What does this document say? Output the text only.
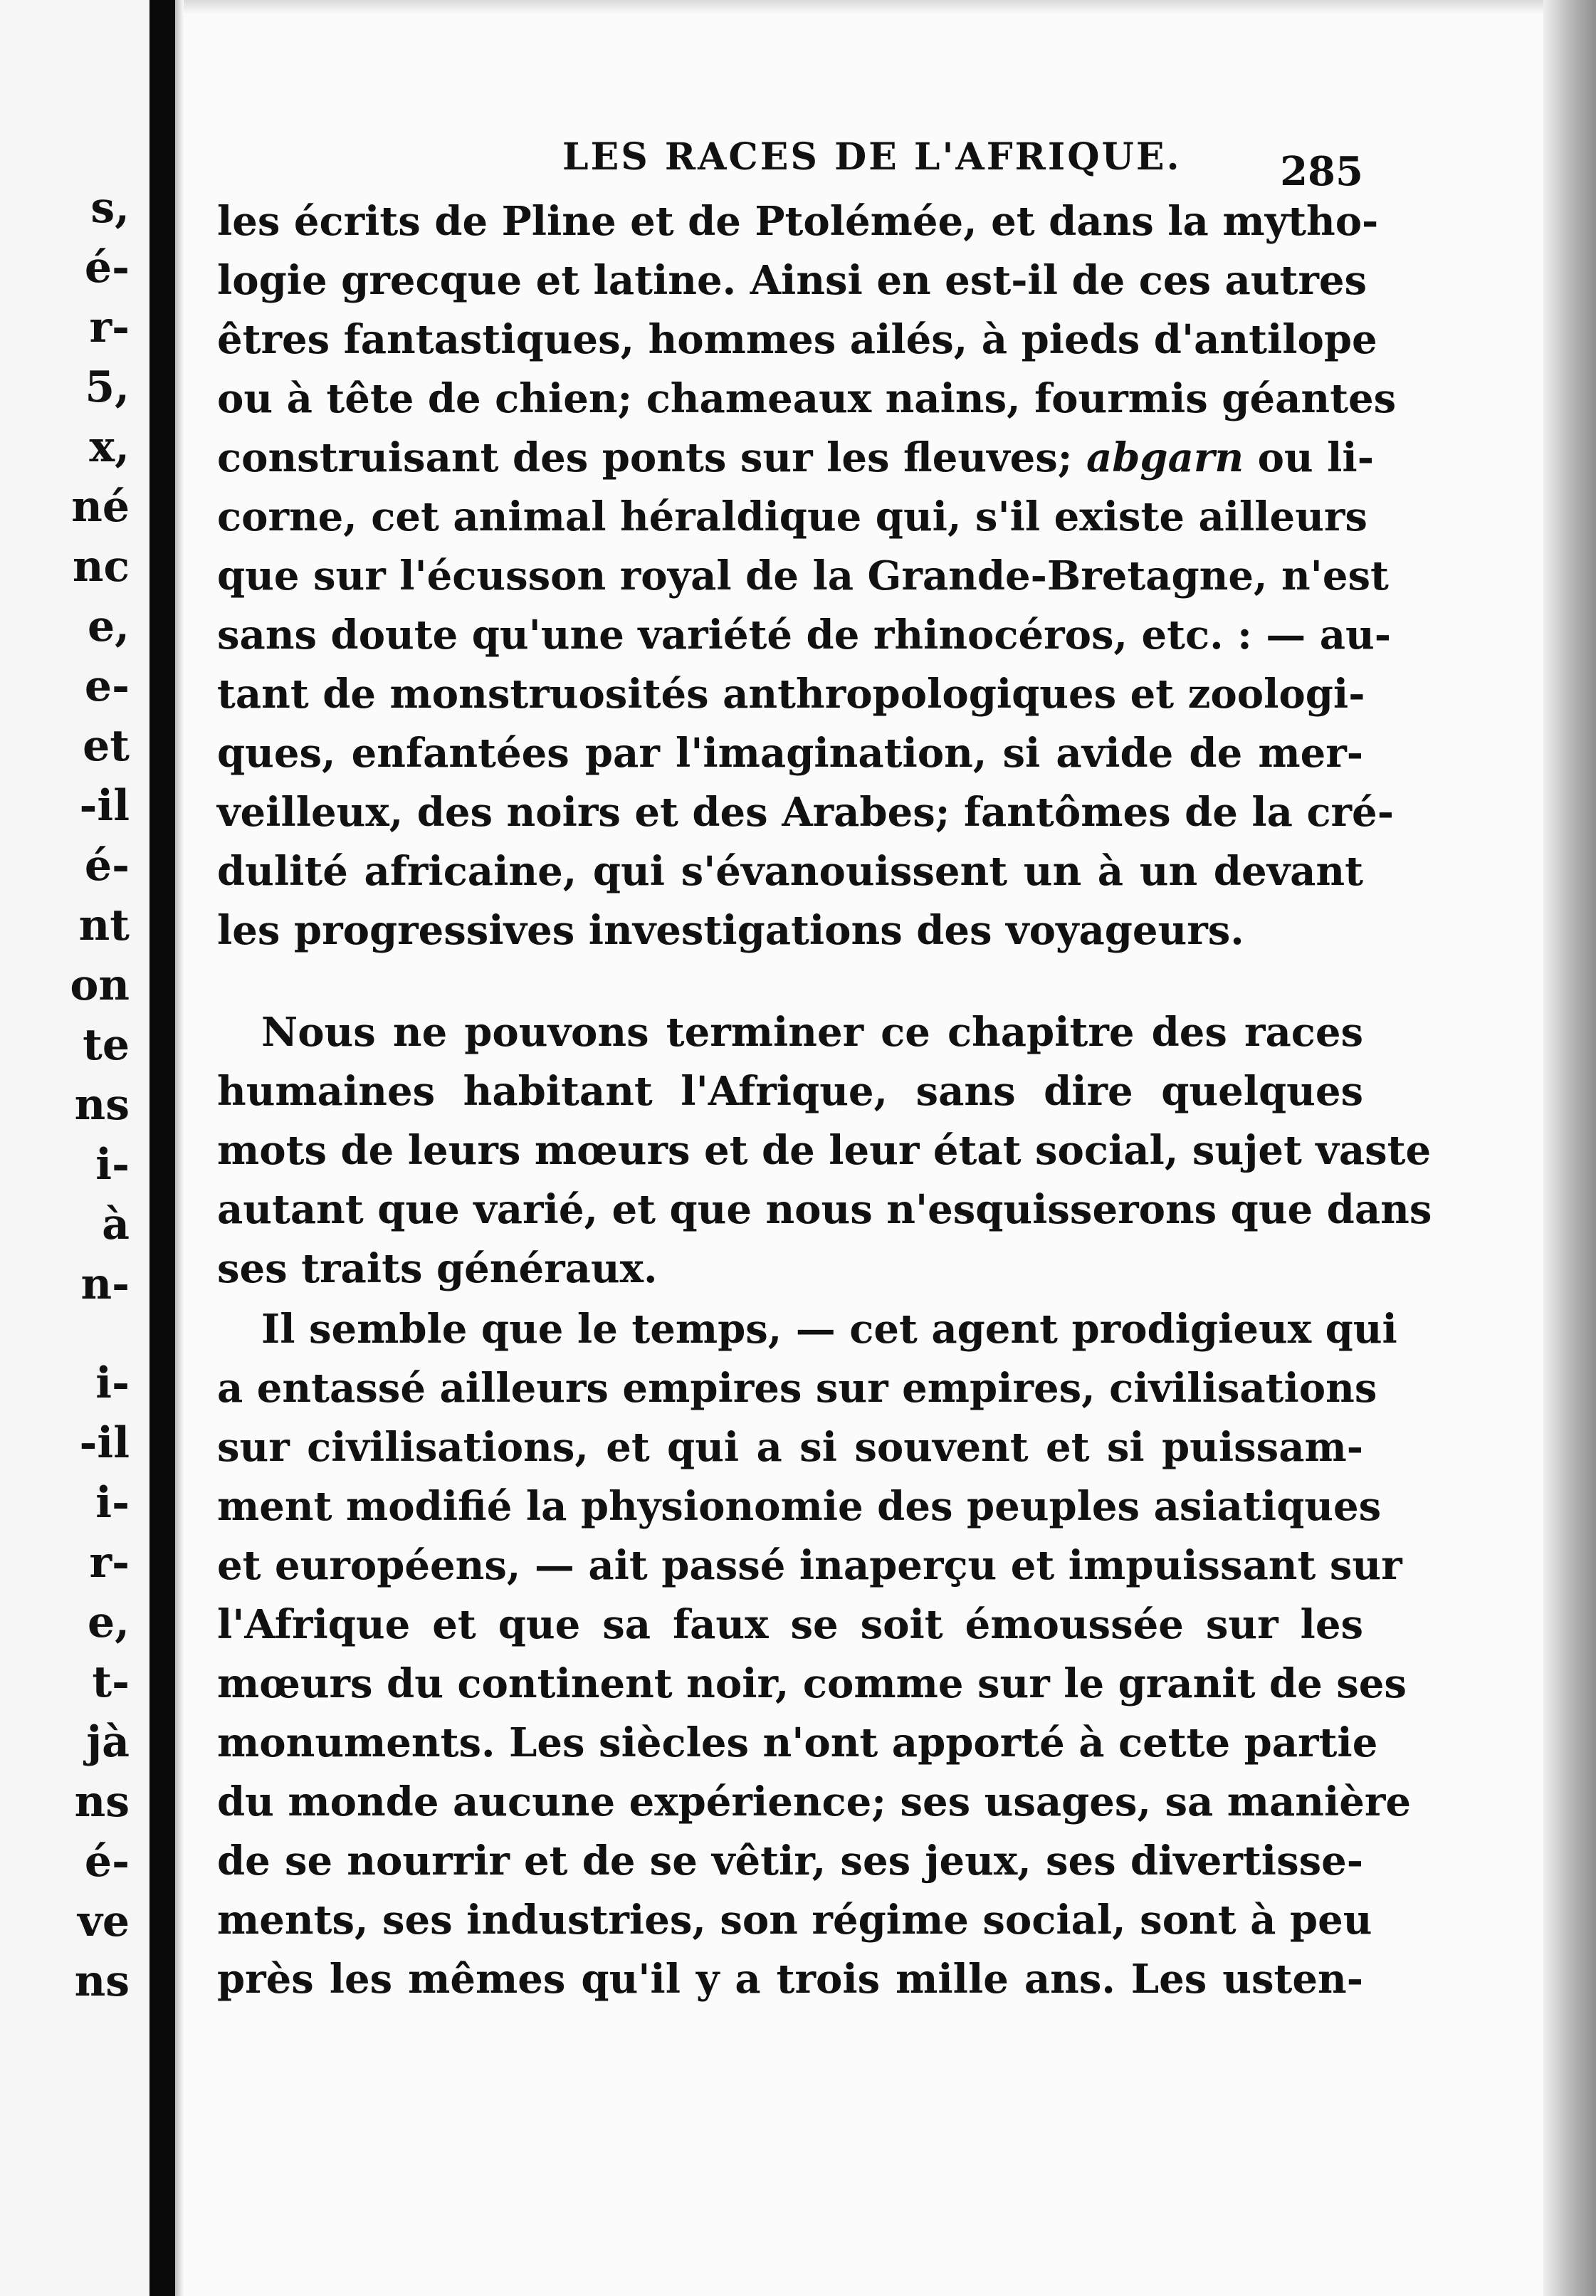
s,
é-
r-
5,
x,
né
nc
e,
e-
et
-il
é-
nt
on
te
ns
i-
à
n-
i-
-il
i-
r-
e,
t-
jà
ns
é-
ve
ns
LES RACES DE L'AFRIQUE. 285
les écrits de Pline et de Ptolémée, et dans la mytho-
logie grecque et latine. Ainsi en est-il de ces autres
êtres fantastiques, hommes ailés, à pieds d'antilope
ou à tête de chien; chameaux nains, fourmis géantes
construisant des ponts sur les fleuves; abgarn ou li-
corne, cet animal héraldique qui, s'il existe ailleurs
que sur l'écusson royal de la Grande-Bretagne, n'est
sans doute qu'une variété de rhinocéros, etc. : — au-
tant de monstruosités anthropologiques et zoologi-
ques, enfantées par l'imagination, si avide de mer-
veilleux, des noirs et des Arabes; fantômes de la cré-
dulité africaine, qui s'évanouissent un à un devant
les progressives investigations des voyageurs.
Nous ne pouvons terminer ce chapitre des races
humaines habitant l'Afrique, sans dire quelques
mots de leurs mœurs et de leur état social, sujet vaste
autant que varié, et que nous n'esquisserons que dans
ses traits généraux.
Il semble que le temps, — cet agent prodigieux qui
a entassé ailleurs empires sur empires, civilisations
sur civilisations, et qui a si souvent et si puissam-
ment modifié la physionomie des peuples asiatiques
et européens, — ait passé inaperçu et impuissant sur
l'Afrique et que sa faux se soit émoussée sur les
mœurs du continent noir, comme sur le granit de ses
monuments. Les siècles n'ont apporté à cette partie
du monde aucune expérience; ses usages, sa manière
de se nourrir et de se vêtir, ses jeux, ses divertisse-
ments, ses industries, son régime social, sont à peu
près les mêmes qu'il y a trois mille ans. Les usten-
